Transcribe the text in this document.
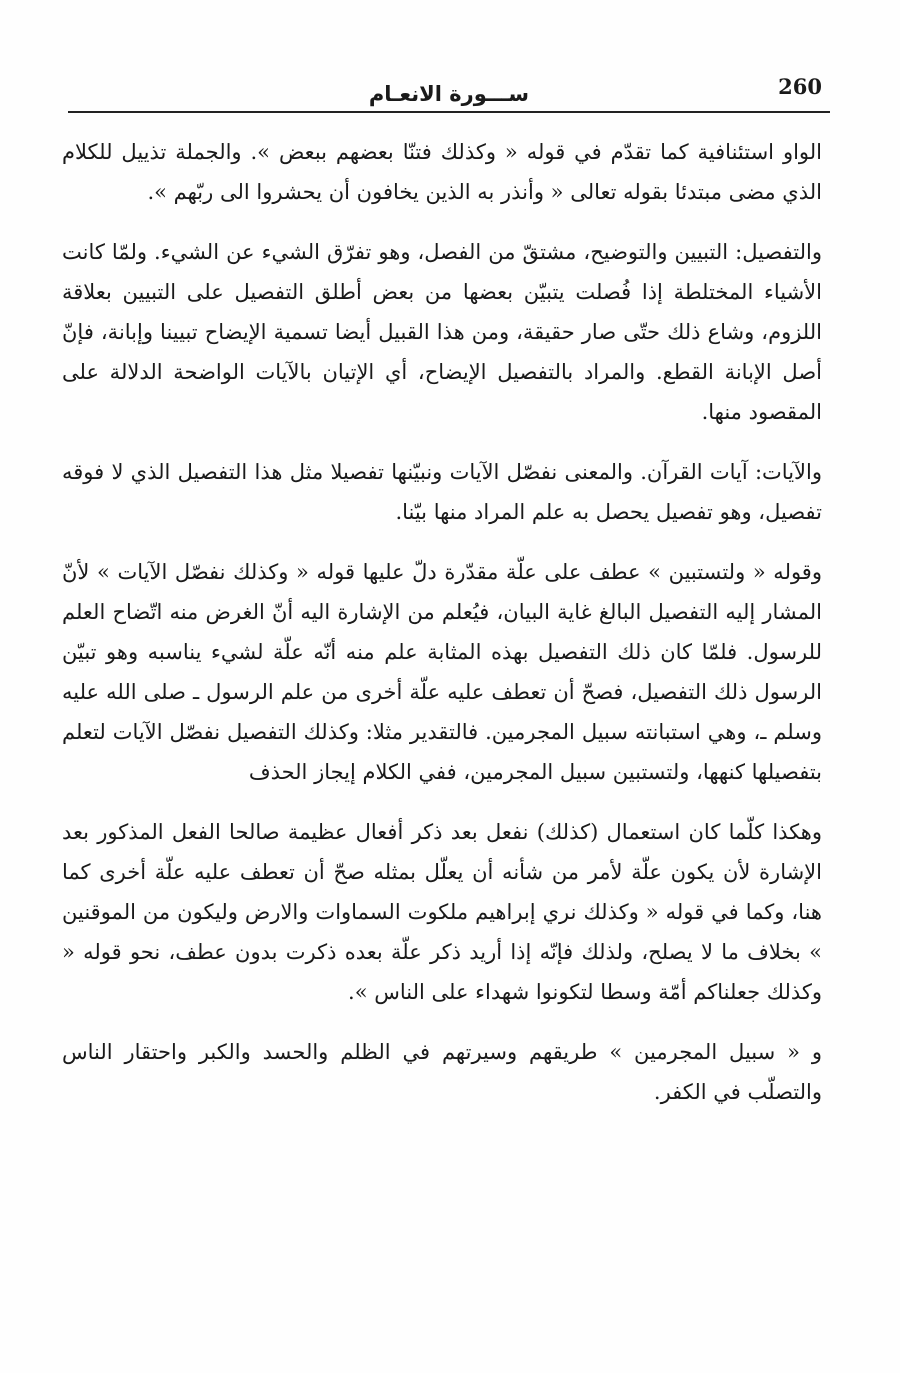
260
ســـورة الانعـام

الواو استئنافية كما تقدّم في قوله « وكذلك فتنّا بعضهم ببعض ». والجملة تذييل للكلام الذي مضى مبتدئا بقوله تعالى « وأنذر به الذين يخافون أن يحشروا الى ربّهم ».

والتفصيل: التبيين والتوضيح، مشتقّ من الفصل، وهو تفرّق الشيء عن الشيء. ولمّا كانت الأشياء المختلطة إذا فُصلت يتبيّن بعضها من بعض أطلق التفصيل على التبيين بعلاقة اللزوم، وشاع ذلك حتّى صار حقيقة، ومن هذا القبيل أيضا تسمية الإيضاح تبيينا وإبانة، فإنّ أصل الإبانة القطع. والمراد بالتفصيل الإيضاح، أي الإتيان بالآيات الواضحة الدلالة على المقصود منها.

والآيات: آيات القرآن. والمعنى نفصّل الآيات ونبيّنها تفصيلا مثل هذا التفصيل الذي لا فوقه تفصيل، وهو تفصيل يحصل به علم المراد منها بيّنا.

وقوله « ولتستبين » عطف على علّة مقدّرة دلّ عليها قوله « وكذلك نفصّل الآيات » لأنّ المشار إليه التفصيل البالغ غاية البيان، فيُعلم من الإشارة اليه أنّ الغرض منه اتّضاح العلم للرسول. فلمّا كان ذلك التفصيل بهذه المثابة علم منه أنّه علّة لشيء يناسبه وهو تبيّن الرسول ذلك التفصيل، فصحّ أن تعطف عليه علّة أخرى من علم الرسول ـ صلى الله عليه وسلم ـ، وهي استبانته سبيل المجرمين. فالتقدير مثلا: وكذلك التفصيل نفصّل الآيات لتعلم بتفصيلها كنهها، ولتستبين سبيل المجرمين، ففي الكلام إيجاز الحذف

وهكذا كلّما كان استعمال (كذلك) نفعل بعد ذكر أفعال عظيمة صالحا الفعل المذكور بعد الإشارة لأن يكون علّة لأمر من شأنه أن يعلّل بمثله صحّ أن تعطف عليه علّة أخرى كما هنا، وكما في قوله « وكذلك نري إبراهيم ملكوت السماوات والارض وليكون من الموقنين » بخلاف ما لا يصلح، ولذلك فإنّه إذا أريد ذكر علّة بعده ذكرت بدون عطف، نحو قوله « وكذلك جعلناكم أمّة وسطا لتكونوا شهداء على الناس ».

و « سبيل المجرمين » طريقهم وسيرتهم في الظلم والحسد والكبر واحتقار الناس والتصلّب في الكفر.
